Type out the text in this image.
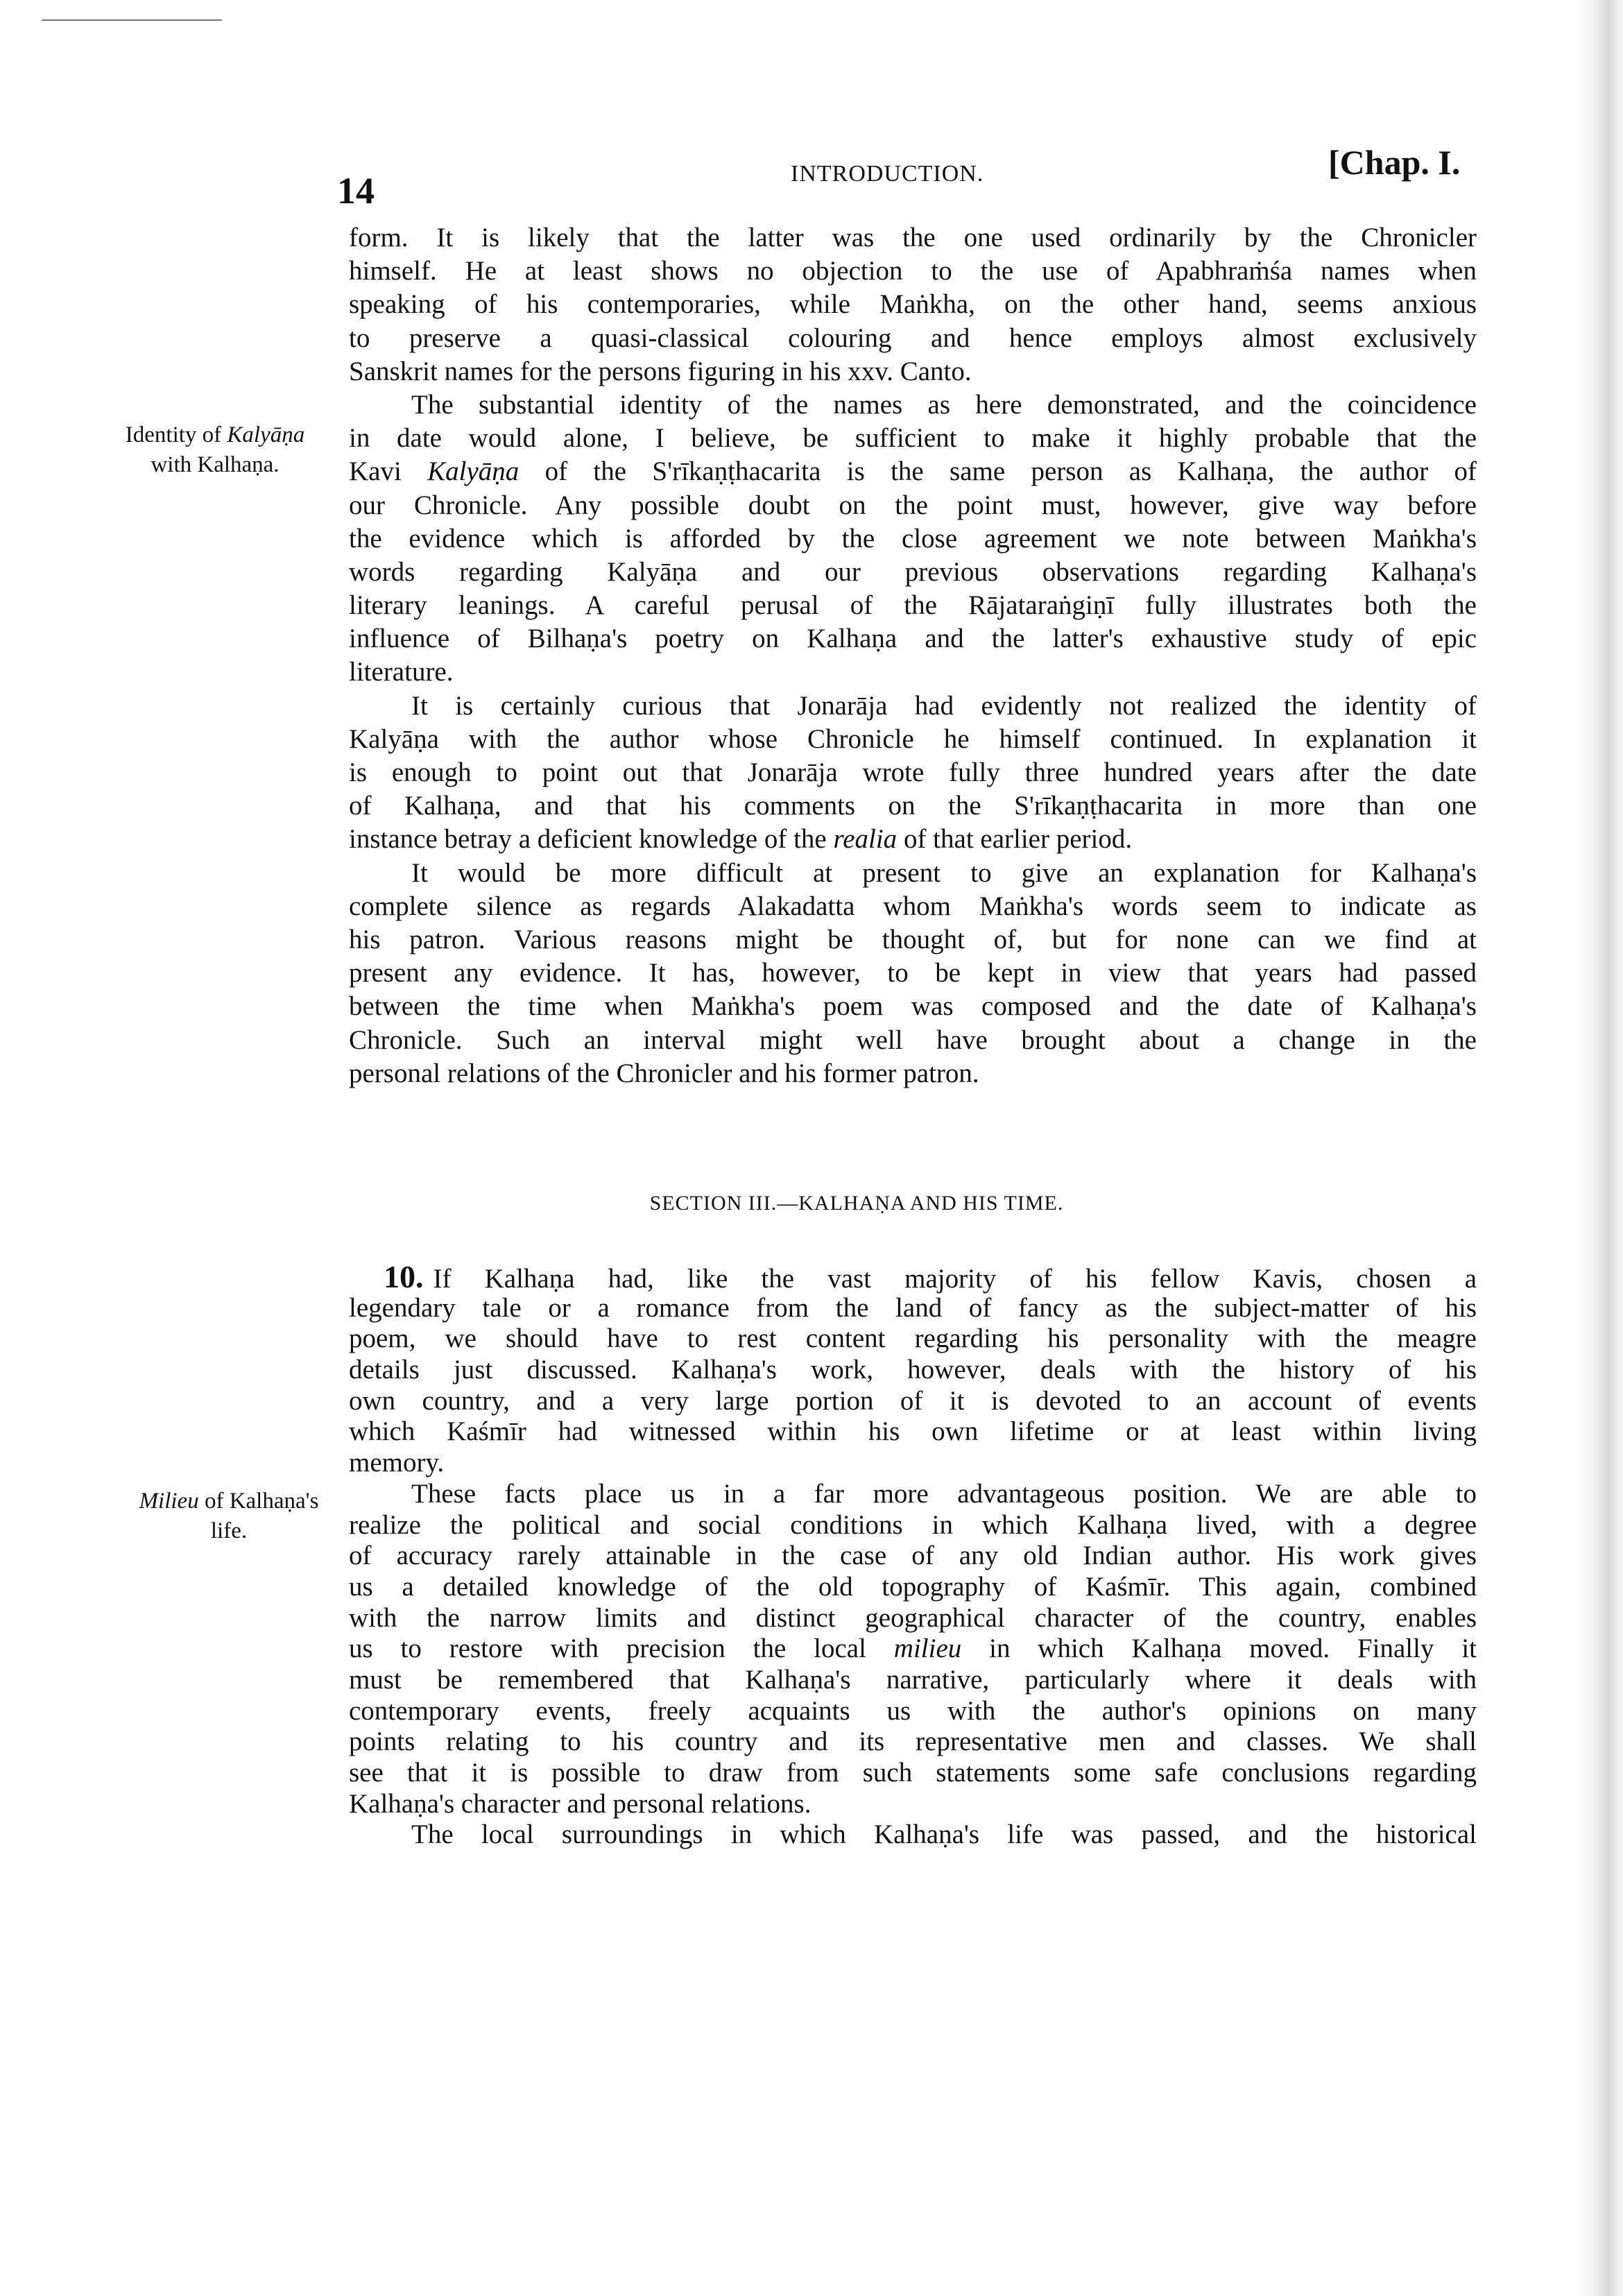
14	INTRODUCTION.	[Chap. I.
Identity of Kalyāṇa
with Kalhaṇa.
Milieu of Kalhaṇa's
life.
form. It is likely that the latter was the one used ordinarily by the Chronicler
himself. He at least shows no objection to the use of Apabhraṁśa names when
speaking of his contemporaries, while Maṅkha, on the other hand, seems anxious
to preserve a quasi-classical colouring and hence employs almost exclusively
Sanskrit names for the persons figuring in his xxv. Canto.
The substantial identity of the names as here demonstrated, and the coincidence
in date would alone, I believe, be sufficient to make it highly probable that the
Kavi Kalyāṇa of the S'rīkaṇṭhacarita is the same person as Kalhaṇa, the author of
our Chronicle. Any possible doubt on the point must, however, give way before
the evidence which is afforded by the close agreement we note between Maṅkha's
words regarding Kalyāṇa and our previous observations regarding Kalhaṇa's
literary leanings. A careful perusal of the Rājataraṅgiṇī fully illustrates both the
influence of Bilhaṇa's poetry on Kalhaṇa and the latter's exhaustive study of epic
literature.
It is certainly curious that Jonarāja had evidently not realized the identity of
Kalyāṇa with the author whose Chronicle he himself continued. In explanation it
is enough to point out that Jonarāja wrote fully three hundred years after the date
of Kalhaṇa, and that his comments on the S'rīkaṇṭhacarita in more than one
instance betray a deficient knowledge of the realia of that earlier period.
It would be more difficult at present to give an explanation for Kalhaṇa's
complete silence as regards Alakadatta whom Maṅkha's words seem to indicate as
his patron. Various reasons might be thought of, but for none can we find at
present any evidence. It has, however, to be kept in view that years had passed
between the time when Maṅkha's poem was composed and the date of Kalhaṇa's
Chronicle. Such an interval might well have brought about a change in the
personal relations of the Chronicler and his former patron.
SECTION III.—KALHAṆA AND HIS TIME.
10. If Kalhaṇa had, like the vast majority of his fellow Kavis, chosen a
legendary tale or a romance from the land of fancy as the subject-matter of his
poem, we should have to rest content regarding his personality with the meagre
details just discussed. Kalhaṇa's work, however, deals with the history of his
own country, and a very large portion of it is devoted to an account of events
which Kaśmīr had witnessed within his own lifetime or at least within living
memory.
These facts place us in a far more advantageous position. We are able to
realize the political and social conditions in which Kalhaṇa lived, with a degree
of accuracy rarely attainable in the case of any old Indian author. His work gives
us a detailed knowledge of the old topography of Kaśmīr. This again, combined
with the narrow limits and distinct geographical character of the country, enables
us to restore with precision the local milieu in which Kalhaṇa moved. Finally it
must be remembered that Kalhaṇa's narrative, particularly where it deals with
contemporary events, freely acquaints us with the author's opinions on many
points relating to his country and its representative men and classes. We shall
see that it is possible to draw from such statements some safe conclusions regarding
Kalhaṇa's character and personal relations.
The local surroundings in which Kalhaṇa's life was passed, and the historical
